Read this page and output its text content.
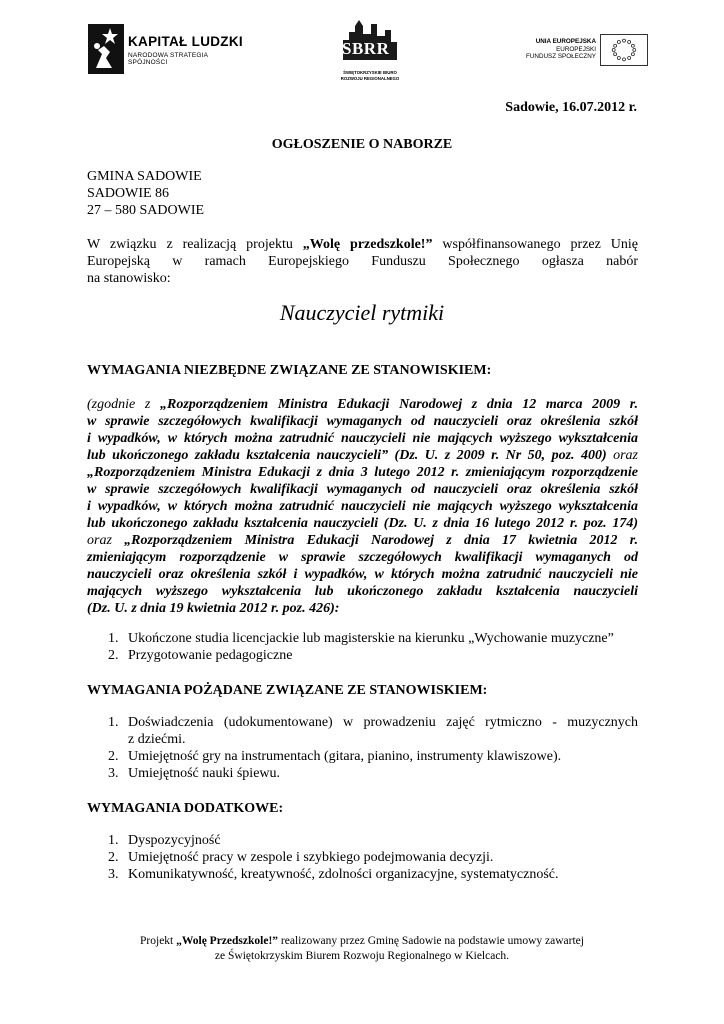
KAPITAŁ LUDZKI
NARODOWA STRATEGIA SPÓJNOŚCI
SBRR
ŚWIĘTOKRZYSKIE BIURO
ROZWOJU REGIONALNEGO
UNIA EUROPEJSKA
EUROPEJSKI
FUNDUSZ SPOŁECZNY
Sadowie, 16.07.2012 r.
OGŁOSZENIE O NABORZE
GMINA SADOWIE
SADOWIE 86
27 – 580 SADOWIE
W związku z realizacją projektu „Wolę przedszkole!” współfinansowanego przez Unię
Europejską w ramach Europejskiego Funduszu Społecznego ogłasza nabór
na stanowisko:
Nauczyciel rytmiki
WYMAGANIA NIEZBĘDNE ZWIĄZANE ZE STANOWISKIEM:
(zgodnie z „Rozporządzeniem Ministra Edukacji Narodowej z dnia 12 marca 2009 r.
w sprawie szczegółowych kwalifikacji wymaganych od nauczycieli oraz określenia szkół
i wypadków, w których można zatrudnić nauczycieli nie mających wyższego wykształcenia
lub ukończonego zakładu kształcenia nauczycieli” (Dz. U. z 2009 r. Nr 50, poz. 400) oraz
„Rozporządzeniem Ministra Edukacji z dnia 3 lutego 2012 r. zmieniającym rozporządzenie
w sprawie szczegółowych kwalifikacji wymaganych od nauczycieli oraz określenia szkół
i wypadków, w których można zatrudnić nauczycieli nie mających wyższego wykształcenia
lub ukończonego zakładu kształcenia nauczycieli (Dz. U. z dnia 16 lutego 2012 r. poz. 174)
oraz „Rozporządzeniem Ministra Edukacji Narodowej z dnia 17 kwietnia 2012 r.
zmieniającym rozporządzenie w sprawie szczegółowych kwalifikacji wymaganych od
nauczycieli oraz określenia szkół i wypadków, w których można zatrudnić nauczycieli nie
mających wyższego wykształcenia lub ukończonego zakładu kształcenia nauczycieli
(Dz. U. z dnia 19 kwietnia 2012 r. poz. 426):
1. Ukończone studia licencjackie lub magisterskie na kierunku „Wychowanie muzyczne”
2. Przygotowanie pedagogiczne
WYMAGANIA POŻĄDANE ZWIĄZANE ZE STANOWISKIEM:
1. Doświadczenia (udokumentowane) w prowadzeniu zajęć rytmiczno - muzycznych
z dziećmi.
2. Umiejętność gry na instrumentach (gitara, pianino, instrumenty klawiszowe).
3. Umiejętność nauki śpiewu.
WYMAGANIA DODATKOWE:
1. Dyspozycyjność
2. Umiejętność pracy w zespole i szybkiego podejmowania decyzji.
3. Komunikatywność, kreatywność, zdolności organizacyjne, systematyczność.
Projekt „Wolę Przedszkole!” realizowany przez Gminę Sadowie na podstawie umowy zawartej
ze Świętokrzyskim Biurem Rozwoju Regionalnego w Kielcach.
